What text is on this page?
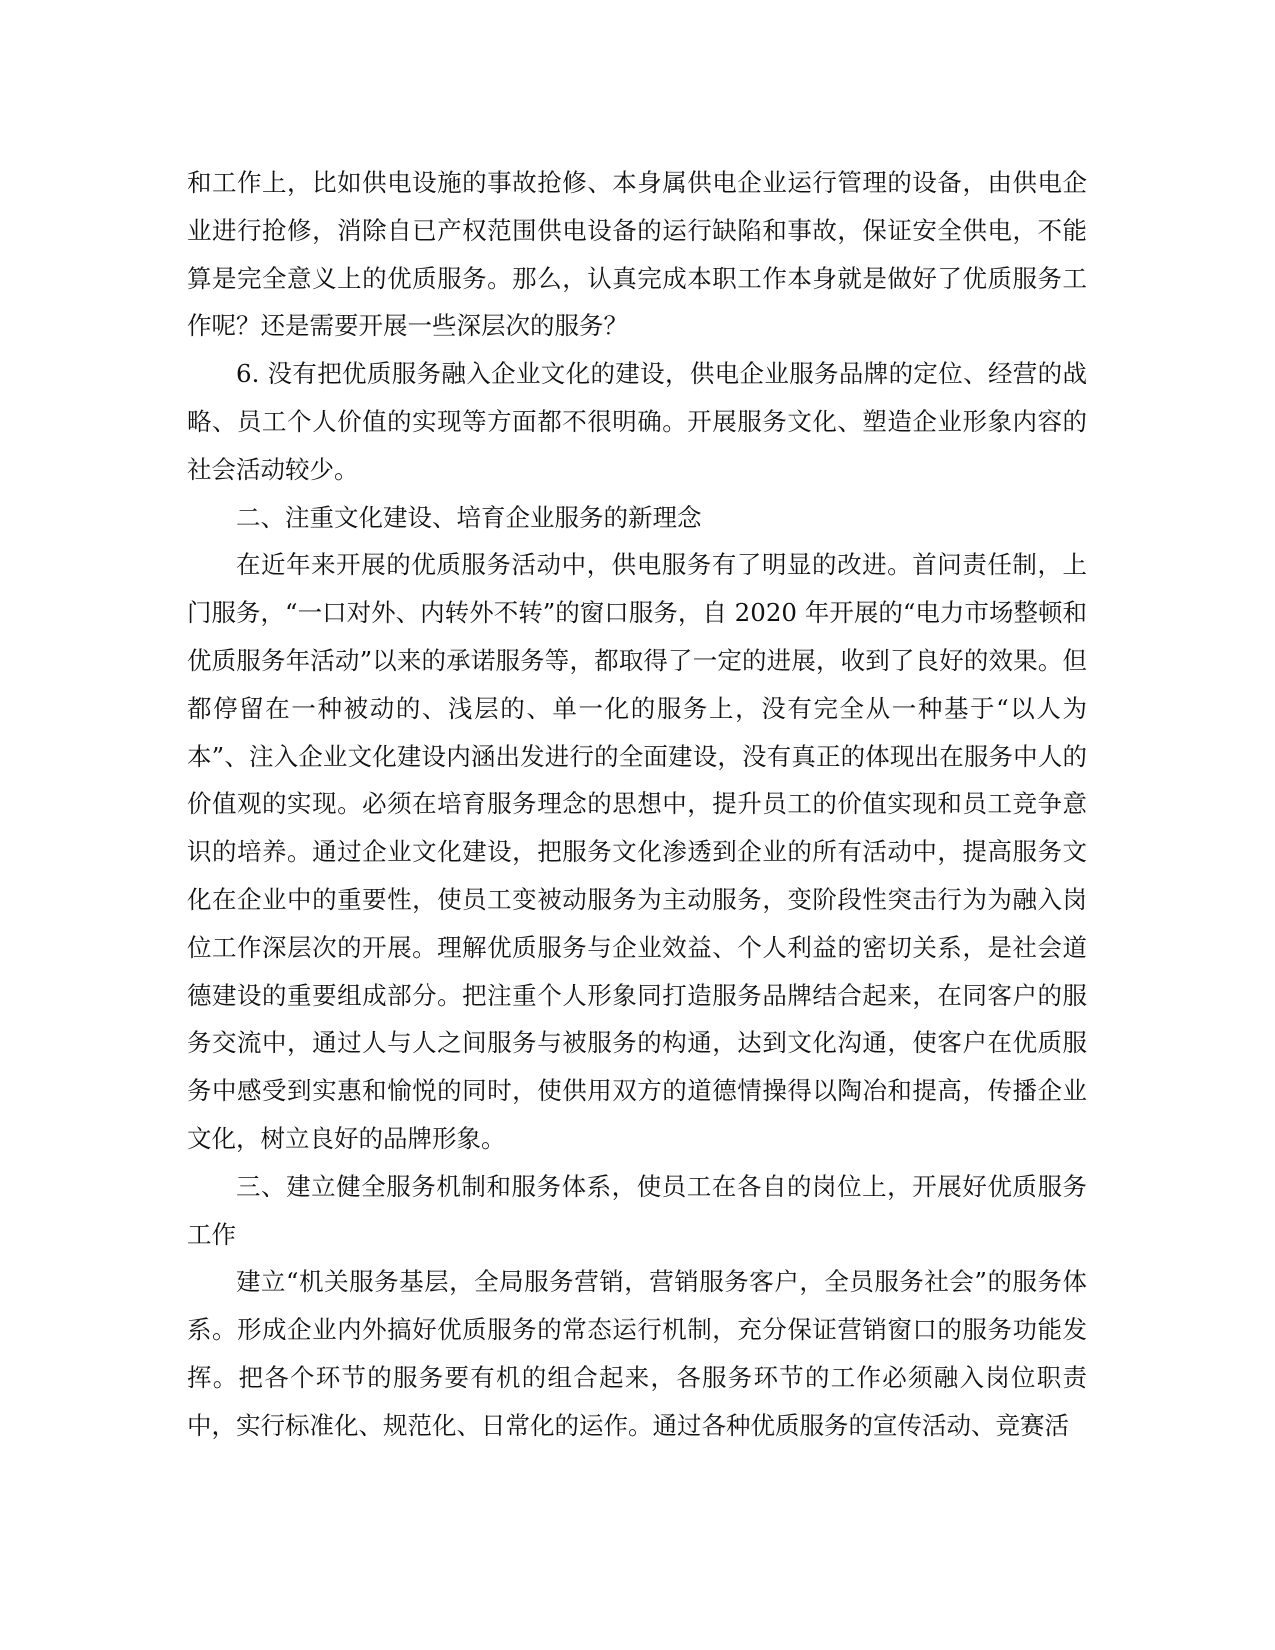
和工作上，比如供电设施的事故抢修、本身属供电企业运行管理的设备，由供电企业进行抢修，消除自已产权范围供电设备的运行缺陷和事故，保证安全供电，不能算是完全意义上的优质服务。那么，认真完成本职工作本身就是做好了优质服务工作呢？还是需要开展一些深层次的服务？

6. 没有把优质服务融入企业文化的建设，供电企业服务品牌的定位、经营的战略、员工个人价值的实现等方面都不很明确。开展服务文化、塑造企业形象内容的社会活动较少。

二、注重文化建设、培育企业服务的新理念

在近年来开展的优质服务活动中，供电服务有了明显的改进。首问责任制，上门服务，“一口对外、内转外不转”的窗口服务，自 2020 年开展的“电力市场整顿和优质服务年活动”以来的承诺服务等，都取得了一定的进展，收到了良好的效果。但都停留在一种被动的、浅层的、单一化的服务上，没有完全从一种基于“以人为本”、注入企业文化建设内涵出发进行的全面建设，没有真正的体现出在服务中人的价值观的实现。必须在培育服务理念的思想中，提升员工的价值实现和员工竞争意识的培养。通过企业文化建设，把服务文化渗透到企业的所有活动中，提高服务文化在企业中的重要性，使员工变被动服务为主动服务，变阶段性突击行为为融入岗位工作深层次的开展。理解优质服务与企业效益、个人利益的密切关系，是社会道德建设的重要组成部分。把注重个人形象同打造服务品牌结合起来，在同客户的服务交流中，通过人与人之间服务与被服务的构通，达到文化沟通，使客户在优质服务中感受到实惠和愉悦的同时，使供用双方的道德情操得以陶冶和提高，传播企业文化，树立良好的品牌形象。

三、建立健全服务机制和服务体系，使员工在各自的岗位上，开展好优质服务工作

建立“机关服务基层，全局服务营销，营销服务客户，全员服务社会”的服务体系。形成企业内外搞好优质服务的常态运行机制，充分保证营销窗口的服务功能发挥。把各个环节的服务要有机的组合起来，各服务环节的工作必须融入岗位职责中，实行标准化、规范化、日常化的运作。通过各种优质服务的宣传活动、竞赛活
